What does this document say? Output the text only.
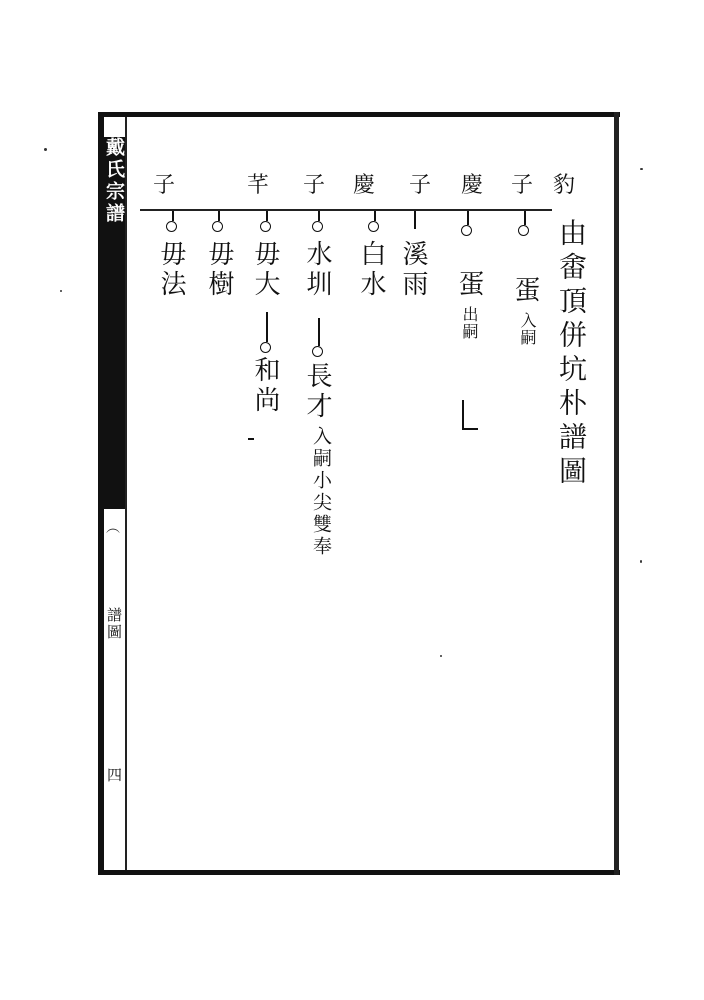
戴氏宗譜
︵
譜圖
四
子	芊 子 慶 子 慶 子 豹
由畬頂併坑朴譜圖
蛋
入嗣
蛋
出嗣
溪雨
白水
水圳
長才
入嗣小尖雙奉
毋大
和尚
毋樹
毋法
